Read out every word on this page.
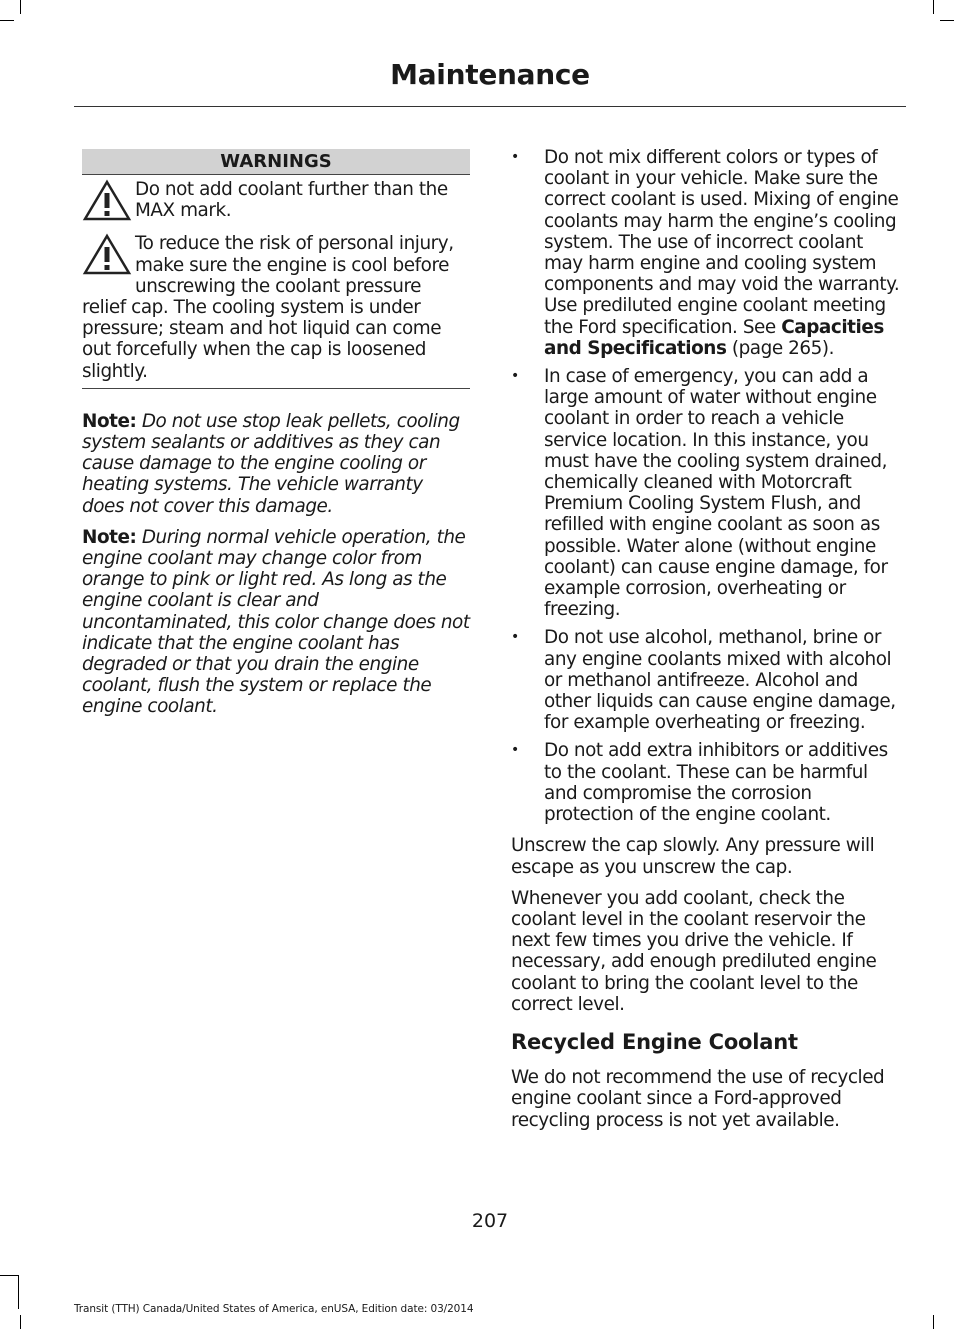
Maintenance
WARNINGS
Do not add coolant further than the MAX mark.
To reduce the risk of personal injury, make sure the engine is cool before unscrewing the coolant pressure relief cap. The cooling system is under pressure; steam and hot liquid can come out forcefully when the cap is loosened slightly.
Note: Do not use stop leak pellets, cooling system sealants or additives as they can cause damage to the engine cooling or heating systems. The vehicle warranty does not cover this damage.
Note: During normal vehicle operation, the engine coolant may change color from orange to pink or light red. As long as the engine coolant is clear and uncontaminated, this color change does not indicate that the engine coolant has degraded or that you drain the engine coolant, flush the system or replace the engine coolant.
• Do not mix different colors or types of coolant in your vehicle. Make sure the correct coolant is used. Mixing of engine coolants may harm the engine’s cooling system. The use of incorrect coolant may harm engine and cooling system components and may void the warranty. Use prediluted engine coolant meeting the Ford specification. See Capacities and Specifications (page 265).
• In case of emergency, you can add a large amount of water without engine coolant in order to reach a vehicle service location. In this instance, you must have the cooling system drained, chemically cleaned with Motorcraft Premium Cooling System Flush, and refilled with engine coolant as soon as possible. Water alone (without engine coolant) can cause engine damage, for example corrosion, overheating or freezing.
• Do not use alcohol, methanol, brine or any engine coolants mixed with alcohol or methanol antifreeze. Alcohol and other liquids can cause engine damage, for example overheating or freezing.
• Do not add extra inhibitors or additives to the coolant. These can be harmful and compromise the corrosion protection of the engine coolant.
Unscrew the cap slowly. Any pressure will escape as you unscrew the cap.
Whenever you add coolant, check the coolant level in the coolant reservoir the next few times you drive the vehicle. If necessary, add enough prediluted engine coolant to bring the coolant level to the correct level.
Recycled Engine Coolant
We do not recommend the use of recycled engine coolant since a Ford-approved recycling process is not yet available.
207
Transit (TTH) Canada/United States of America, enUSA, Edition date: 03/2014
